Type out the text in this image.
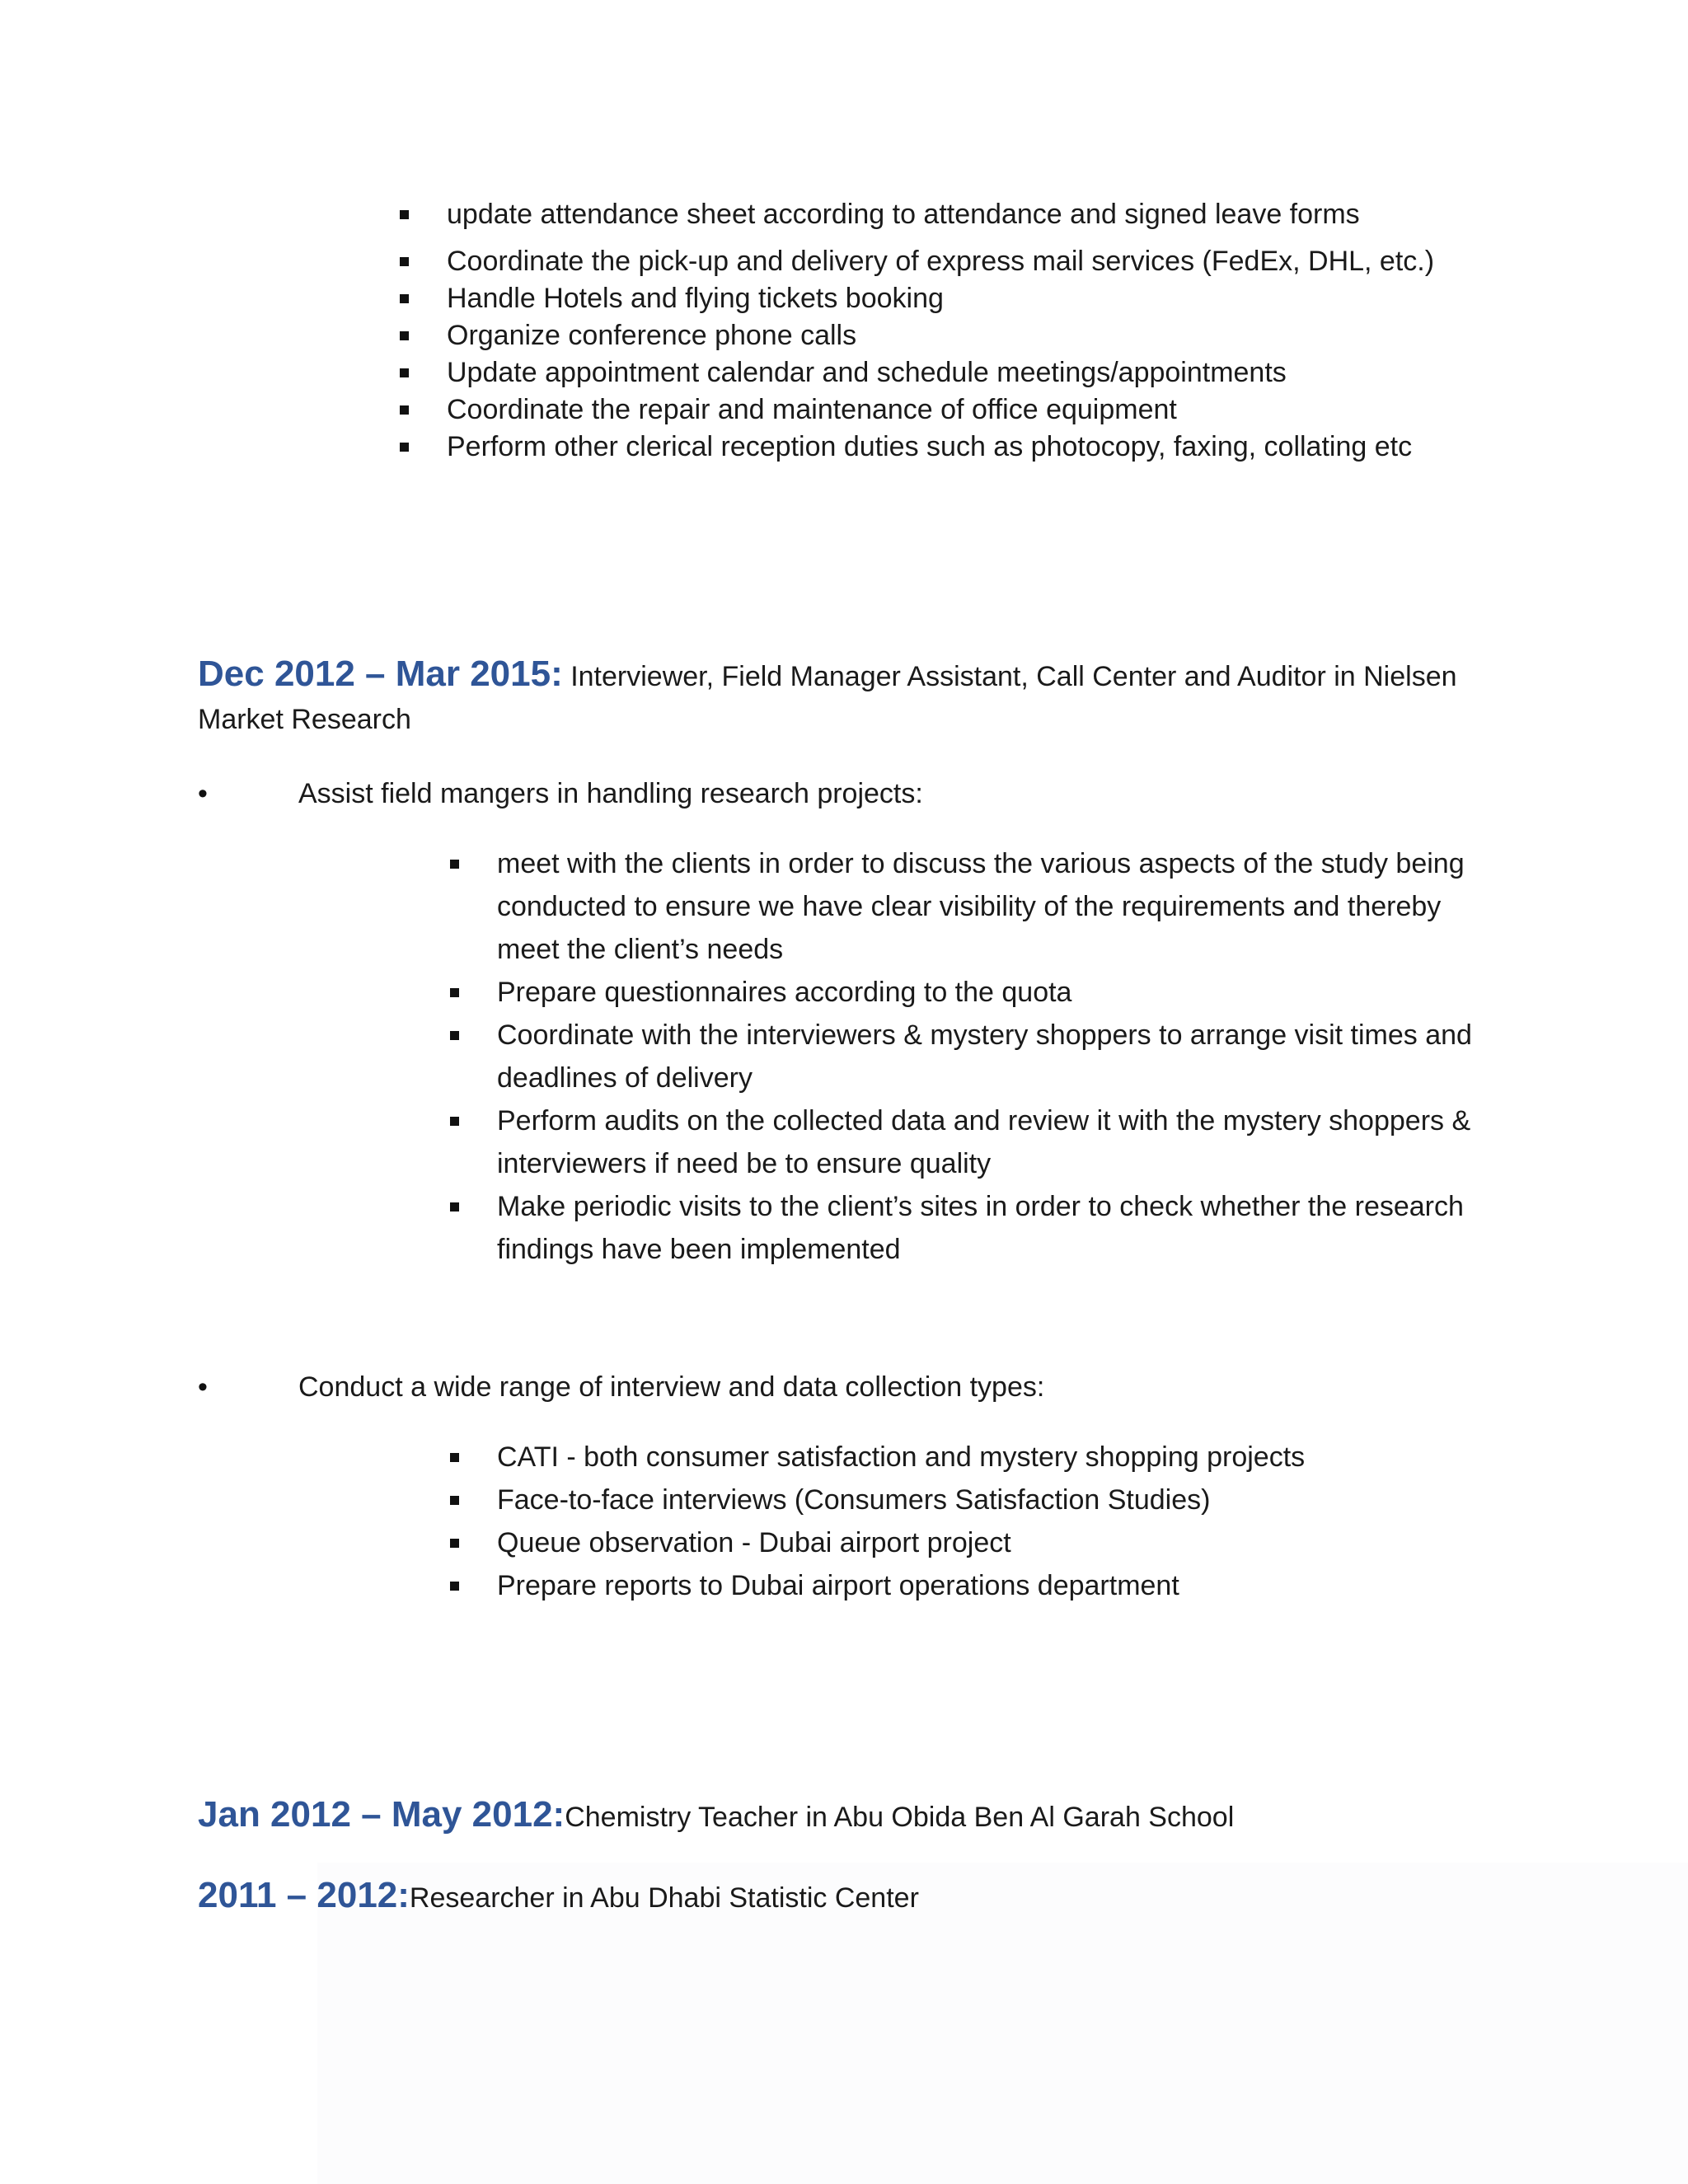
update attendance sheet according to attendance and signed leave forms
Coordinate the pick-up and delivery of express mail services (FedEx, DHL, etc.)
Handle Hotels and flying tickets booking
Organize conference phone calls
Update appointment calendar and schedule meetings/appointments
Coordinate the repair and maintenance of office equipment
Perform other clerical reception duties such as photocopy, faxing, collating etc
Dec 2012 – Mar 2015: Interviewer, Field Manager Assistant, Call Center and Auditor in Nielsen Market Research
•	Assist field mangers in handling research projects:
meet with the clients in order to discuss the various aspects of the study being conducted to ensure we have clear visibility of the requirements and thereby meet the client’s needs
Prepare questionnaires according to the quota
Coordinate with the interviewers & mystery shoppers to arrange visit times and deadlines of delivery
Perform audits on the collected data and review it with the mystery shoppers & interviewers if need be to ensure quality
Make periodic visits to the client’s sites in order to check whether the research findings have been implemented
•	Conduct a wide range of interview and data collection types:
CATI - both consumer satisfaction and mystery shopping projects
Face-to-face interviews (Consumers Satisfaction Studies)
Queue observation - Dubai airport project
Prepare reports to Dubai airport operations department
Jan 2012 – May 2012:Chemistry Teacher in Abu Obida Ben Al Garah School
2011 – 2012:Researcher in Abu Dhabi Statistic Center
